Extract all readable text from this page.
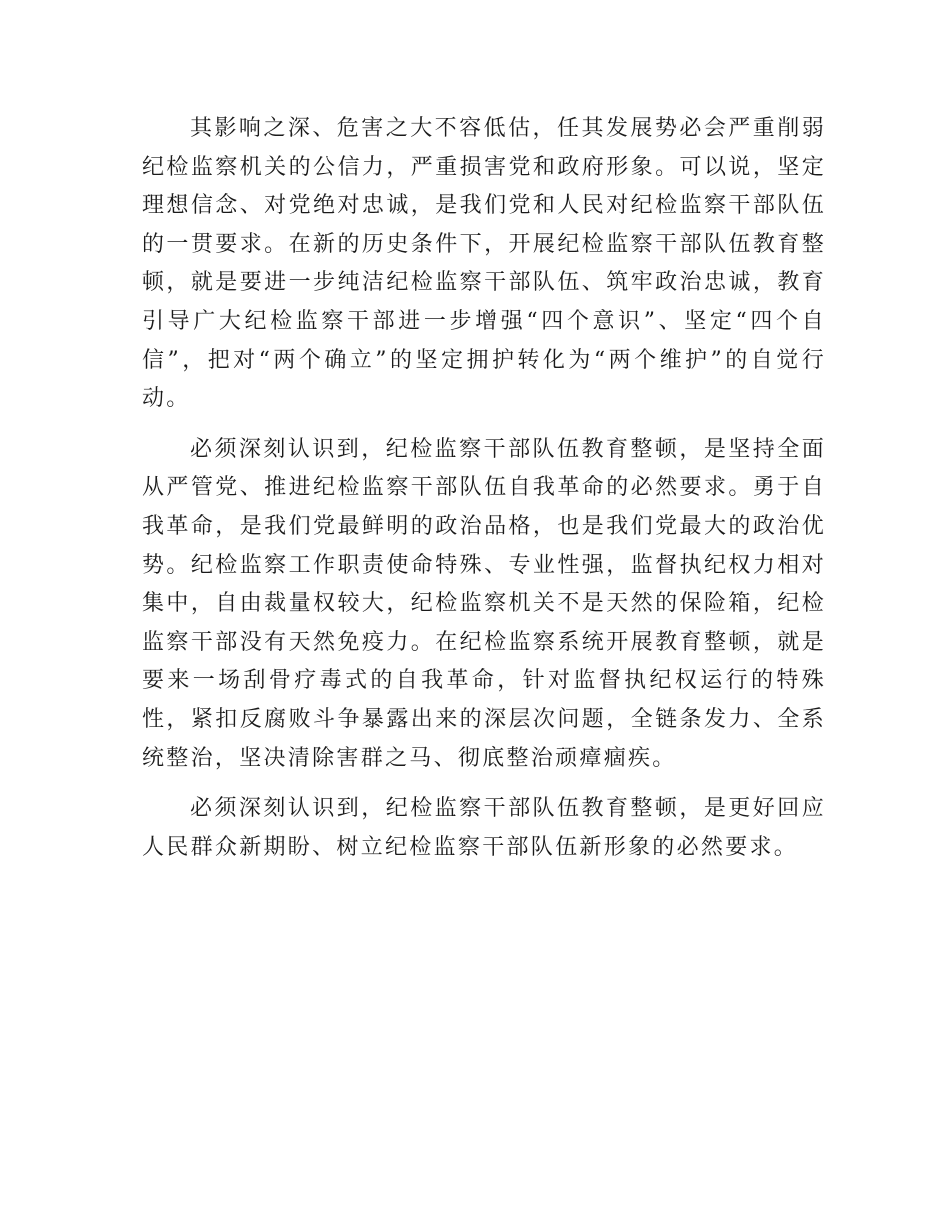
其影响之深、危害之大不容低估，任其发展势必会严重削弱纪检监察机关的公信力，严重损害党和政府形象。可以说，坚定理想信念、对党绝对忠诚，是我们党和人民对纪检监察干部队伍的一贯要求。在新的历史条件下，开展纪检监察干部队伍教育整顿，就是要进一步纯洁纪检监察干部队伍、筑牢政治忠诚，教育引导广大纪检监察干部进一步增强“四个意识”、坚定“四个自信”，把对“两个确立”的坚定拥护转化为“两个维护”的自觉行动。

必须深刻认识到，纪检监察干部队伍教育整顿，是坚持全面从严管党、推进纪检监察干部队伍自我革命的必然要求。勇于自我革命，是我们党最鲜明的政治品格，也是我们党最大的政治优势。纪检监察工作职责使命特殊、专业性强，监督执纪权力相对集中，自由裁量权较大，纪检监察机关不是天然的保险箱，纪检监察干部没有天然免疫力。在纪检监察系统开展教育整顿，就是要来一场刮骨疗毒式的自我革命，针对监督执纪权运行的特殊性，紧扣反腐败斗争暴露出来的深层次问题，全链条发力、全系统整治，坚决清除害群之马、彻底整治顽瘴痼疾。

必须深刻认识到，纪检监察干部队伍教育整顿，是更好回应人民群众新期盼、树立纪检监察干部队伍新形象的必然要求。
